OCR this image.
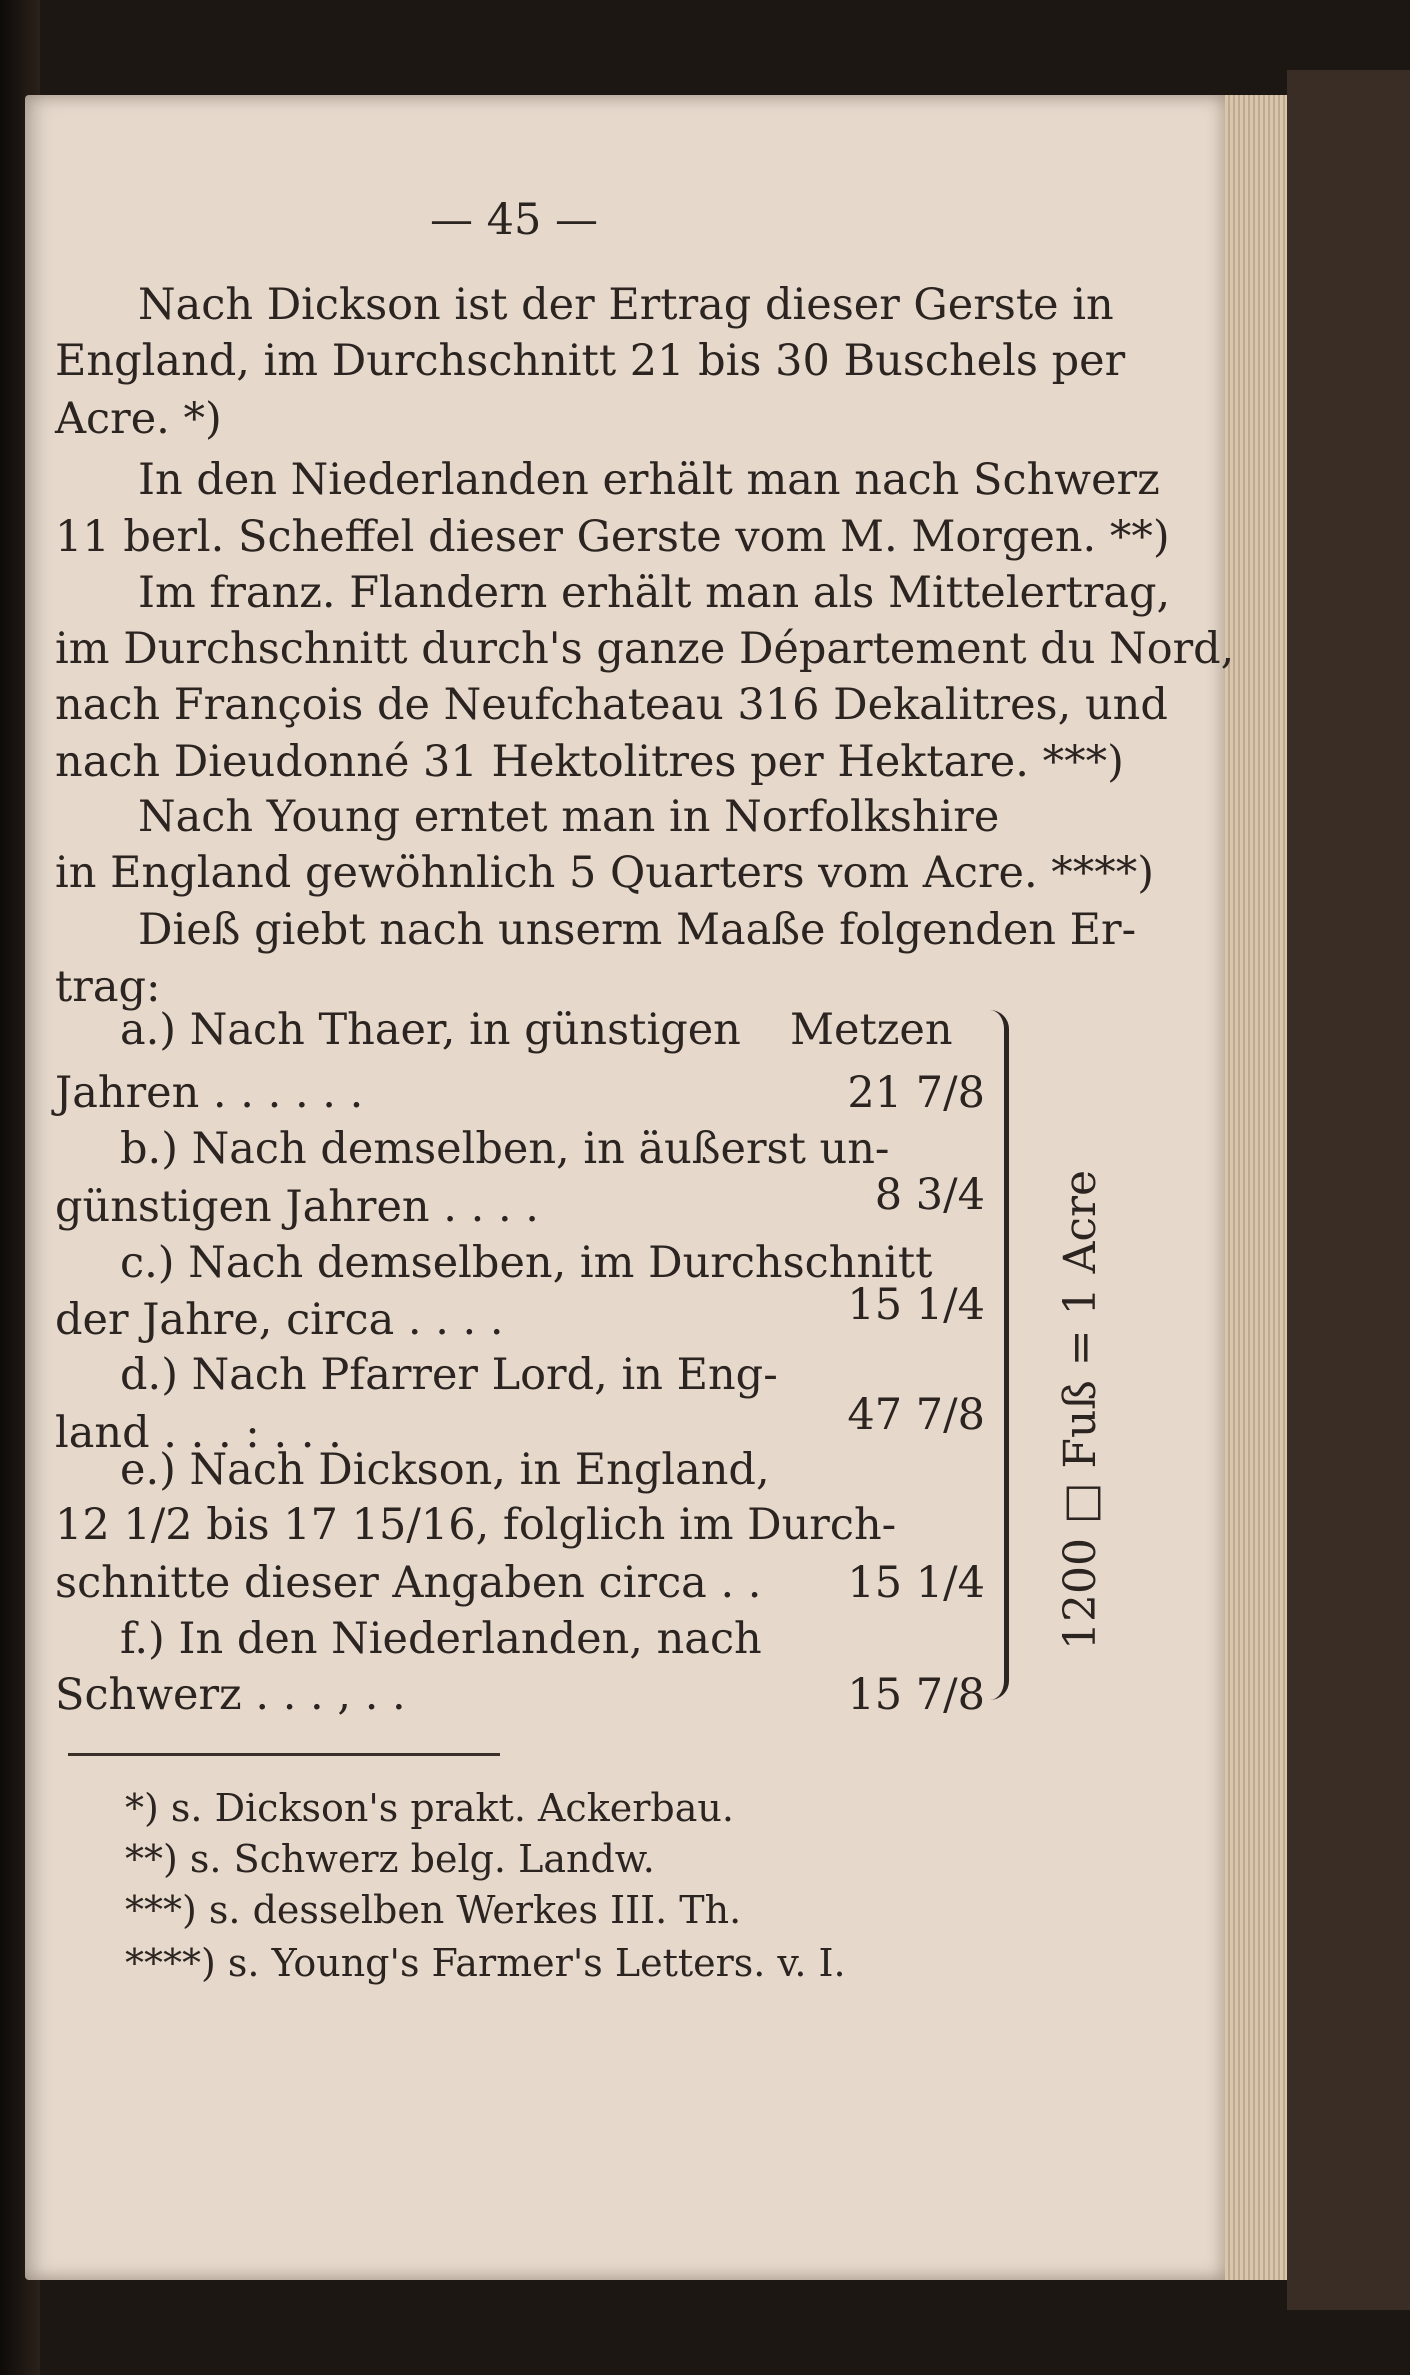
— 45 —
Nach Dickson ist der Ertrag dieser Gerste in
England, im Durchschnitt 21 bis 30 Buschels per
Acre. *)
In den Niederlanden erhält man nach Schwerz
11 berl. Scheffel dieser Gerste vom M. Morgen. **)
Im franz. Flandern erhält man als Mittelertrag,
im Durchschnitt durch's ganze Département du Nord,
nach François de Neufchateau 316 Dekalitres, und
nach Dieudonné 31 Hektolitres per Hektare. ***)
Nach Young erntet man in Norfolkshire
in England gewöhnlich 5 Quarters vom Acre. ****)
Dieß giebt nach unserm Maaße folgenden Er-
trag:
Metzen
a.) Nach Thaer, in günstigen
Jahren . . . . . .	21 7/8
b.) Nach demselben, in äußerst un-
günstigen Jahren . . . .	8 3/4
c.) Nach demselben, im Durchschnitt
der Jahre, circa . . . .	15 1/4
d.) Nach Pfarrer Lord, in Eng-
land . . . : . . .	47 7/8
e.) Nach Dickson, in England,
12 1/2 bis 17 15/16, folglich im Durch-
schnitte dieser Angaben circa . .	15 1/4
f.) In den Niederlanden, nach
Schwerz . . . , . .	15 7/8
1200 □ Fuß = 1 Acre
*) s. Dickson's prakt. Ackerbau.
**) s. Schwerz belg. Landw.
***) s. desselben Werkes III. Th.
****) s. Young's Farmer's Letters. v. I.
